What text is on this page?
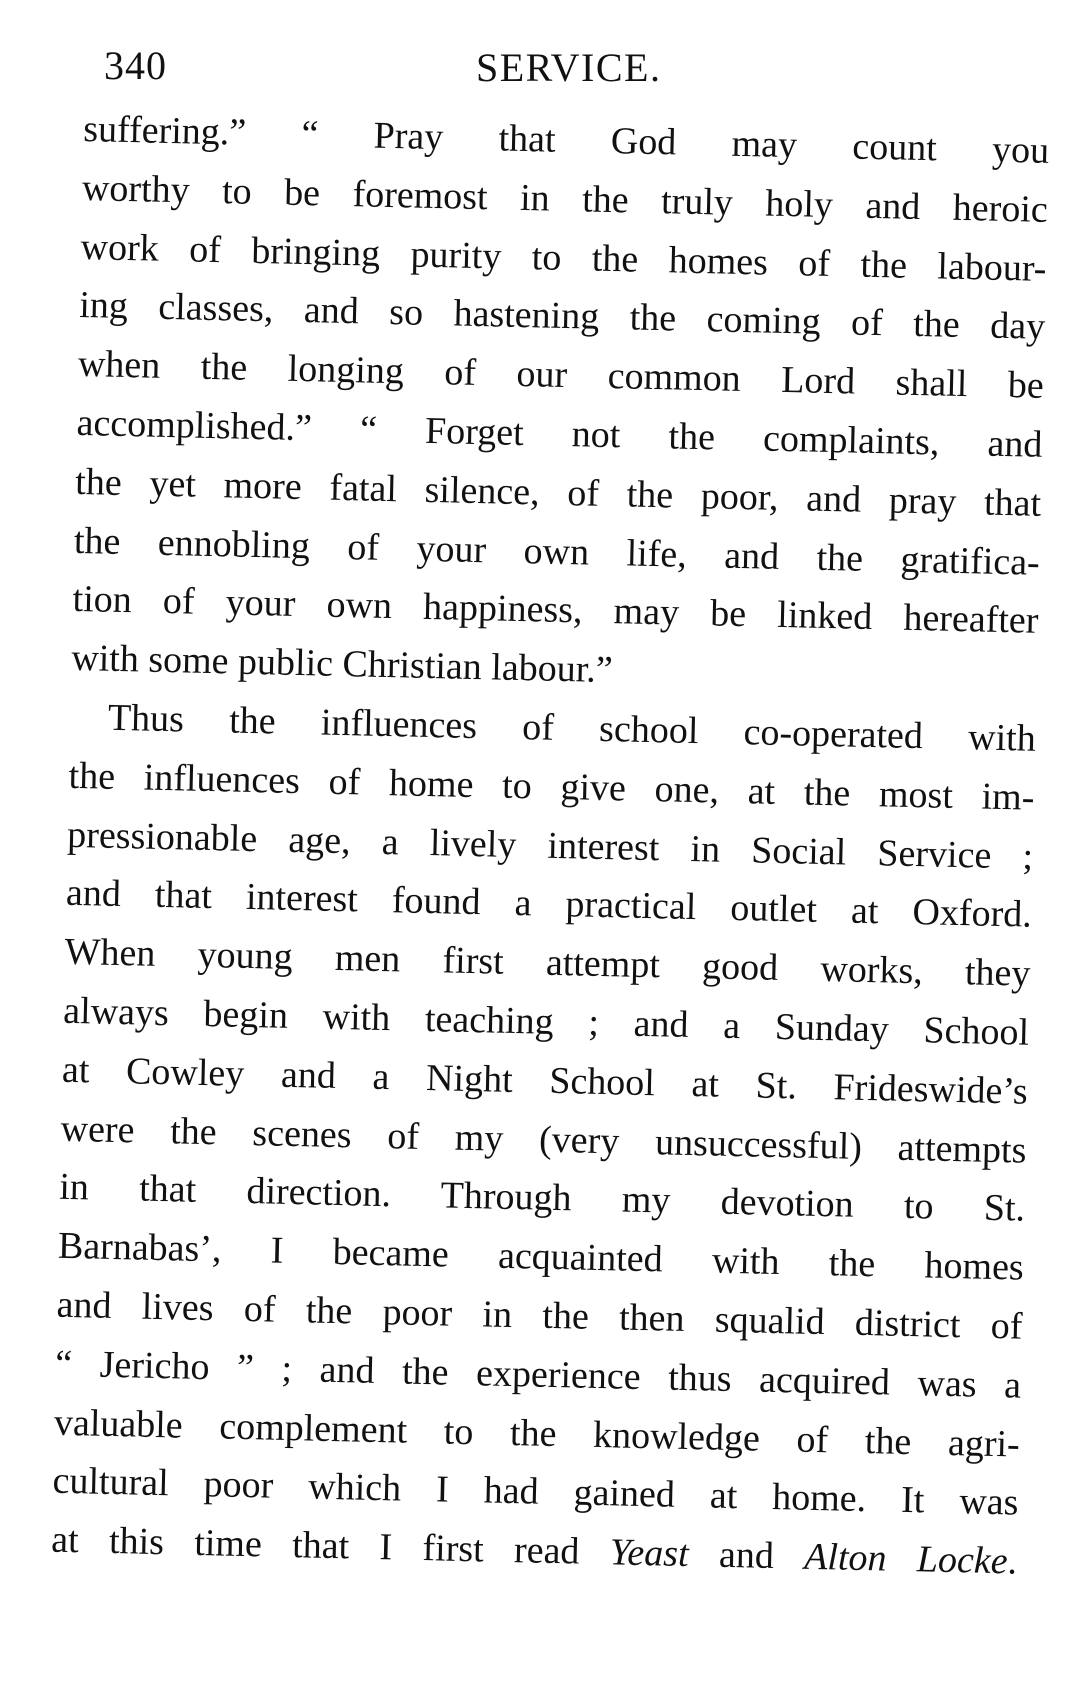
340	SERVICE.
suffering.” “ Pray that God may count you
worthy to be foremost in the truly holy and heroic
work of bringing purity to the homes of the labour-
ing classes, and so hastening the coming of the day
when the longing of our common Lord shall be
accomplished.” “ Forget not the complaints, and
the yet more fatal silence, of the poor, and pray that
the ennobling of your own life, and the gratifica-
tion of your own happiness, may be linked hereafter
with some public Christian labour.”
Thus the influences of school co-operated with
the influences of home to give one, at the most im-
pressionable age, a lively interest in Social Service ;
and that interest found a practical outlet at Oxford.
When young men first attempt good works, they
always begin with teaching ; and a Sunday School
at Cowley and a Night School at St. Frideswide’s
were the scenes of my (very unsuccessful) attempts
in that direction. Through my devotion to St.
Barnabas’, I became acquainted with the homes
and lives of the poor in the then squalid district of
“ Jericho ” ; and the experience thus acquired was a
valuable complement to the knowledge of the agri-
cultural poor which I had gained at home. It was
at this time that I first read Yeast and Alton Locke.
